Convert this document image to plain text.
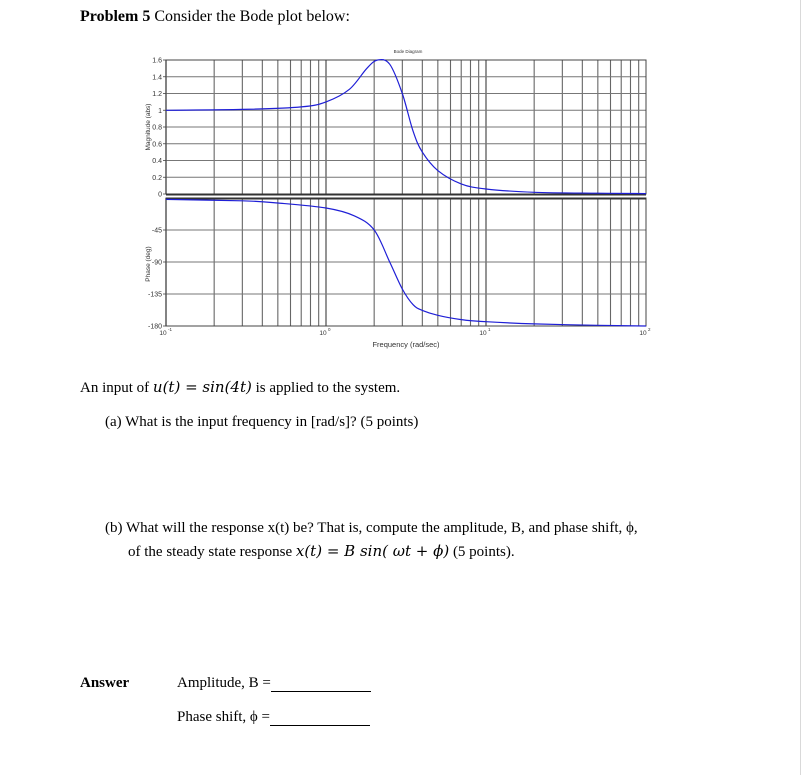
Problem 5 Consider the Bode plot below:
Bode Diagram
1.6
1.4
1.2
1
0.8
0.6
0.4
0.2
0
-45
-90
-135
-180
10
-1
10
0
10
1
10
2
Magnitude (abs)
Phase (deg)
Frequency (rad/sec)
An input of u(t) = sin(4t) is applied to the system.
(a) What is the input frequency in [rad/s]? (5 points)
(b) What will the response x(t) be? That is, compute the amplitude, B, and phase shift, ϕ,
of the steady state response x(t) = B sin( ωt + ϕ) (5 points).
Answer	Amplitude, B =
Phase shift, ϕ =
